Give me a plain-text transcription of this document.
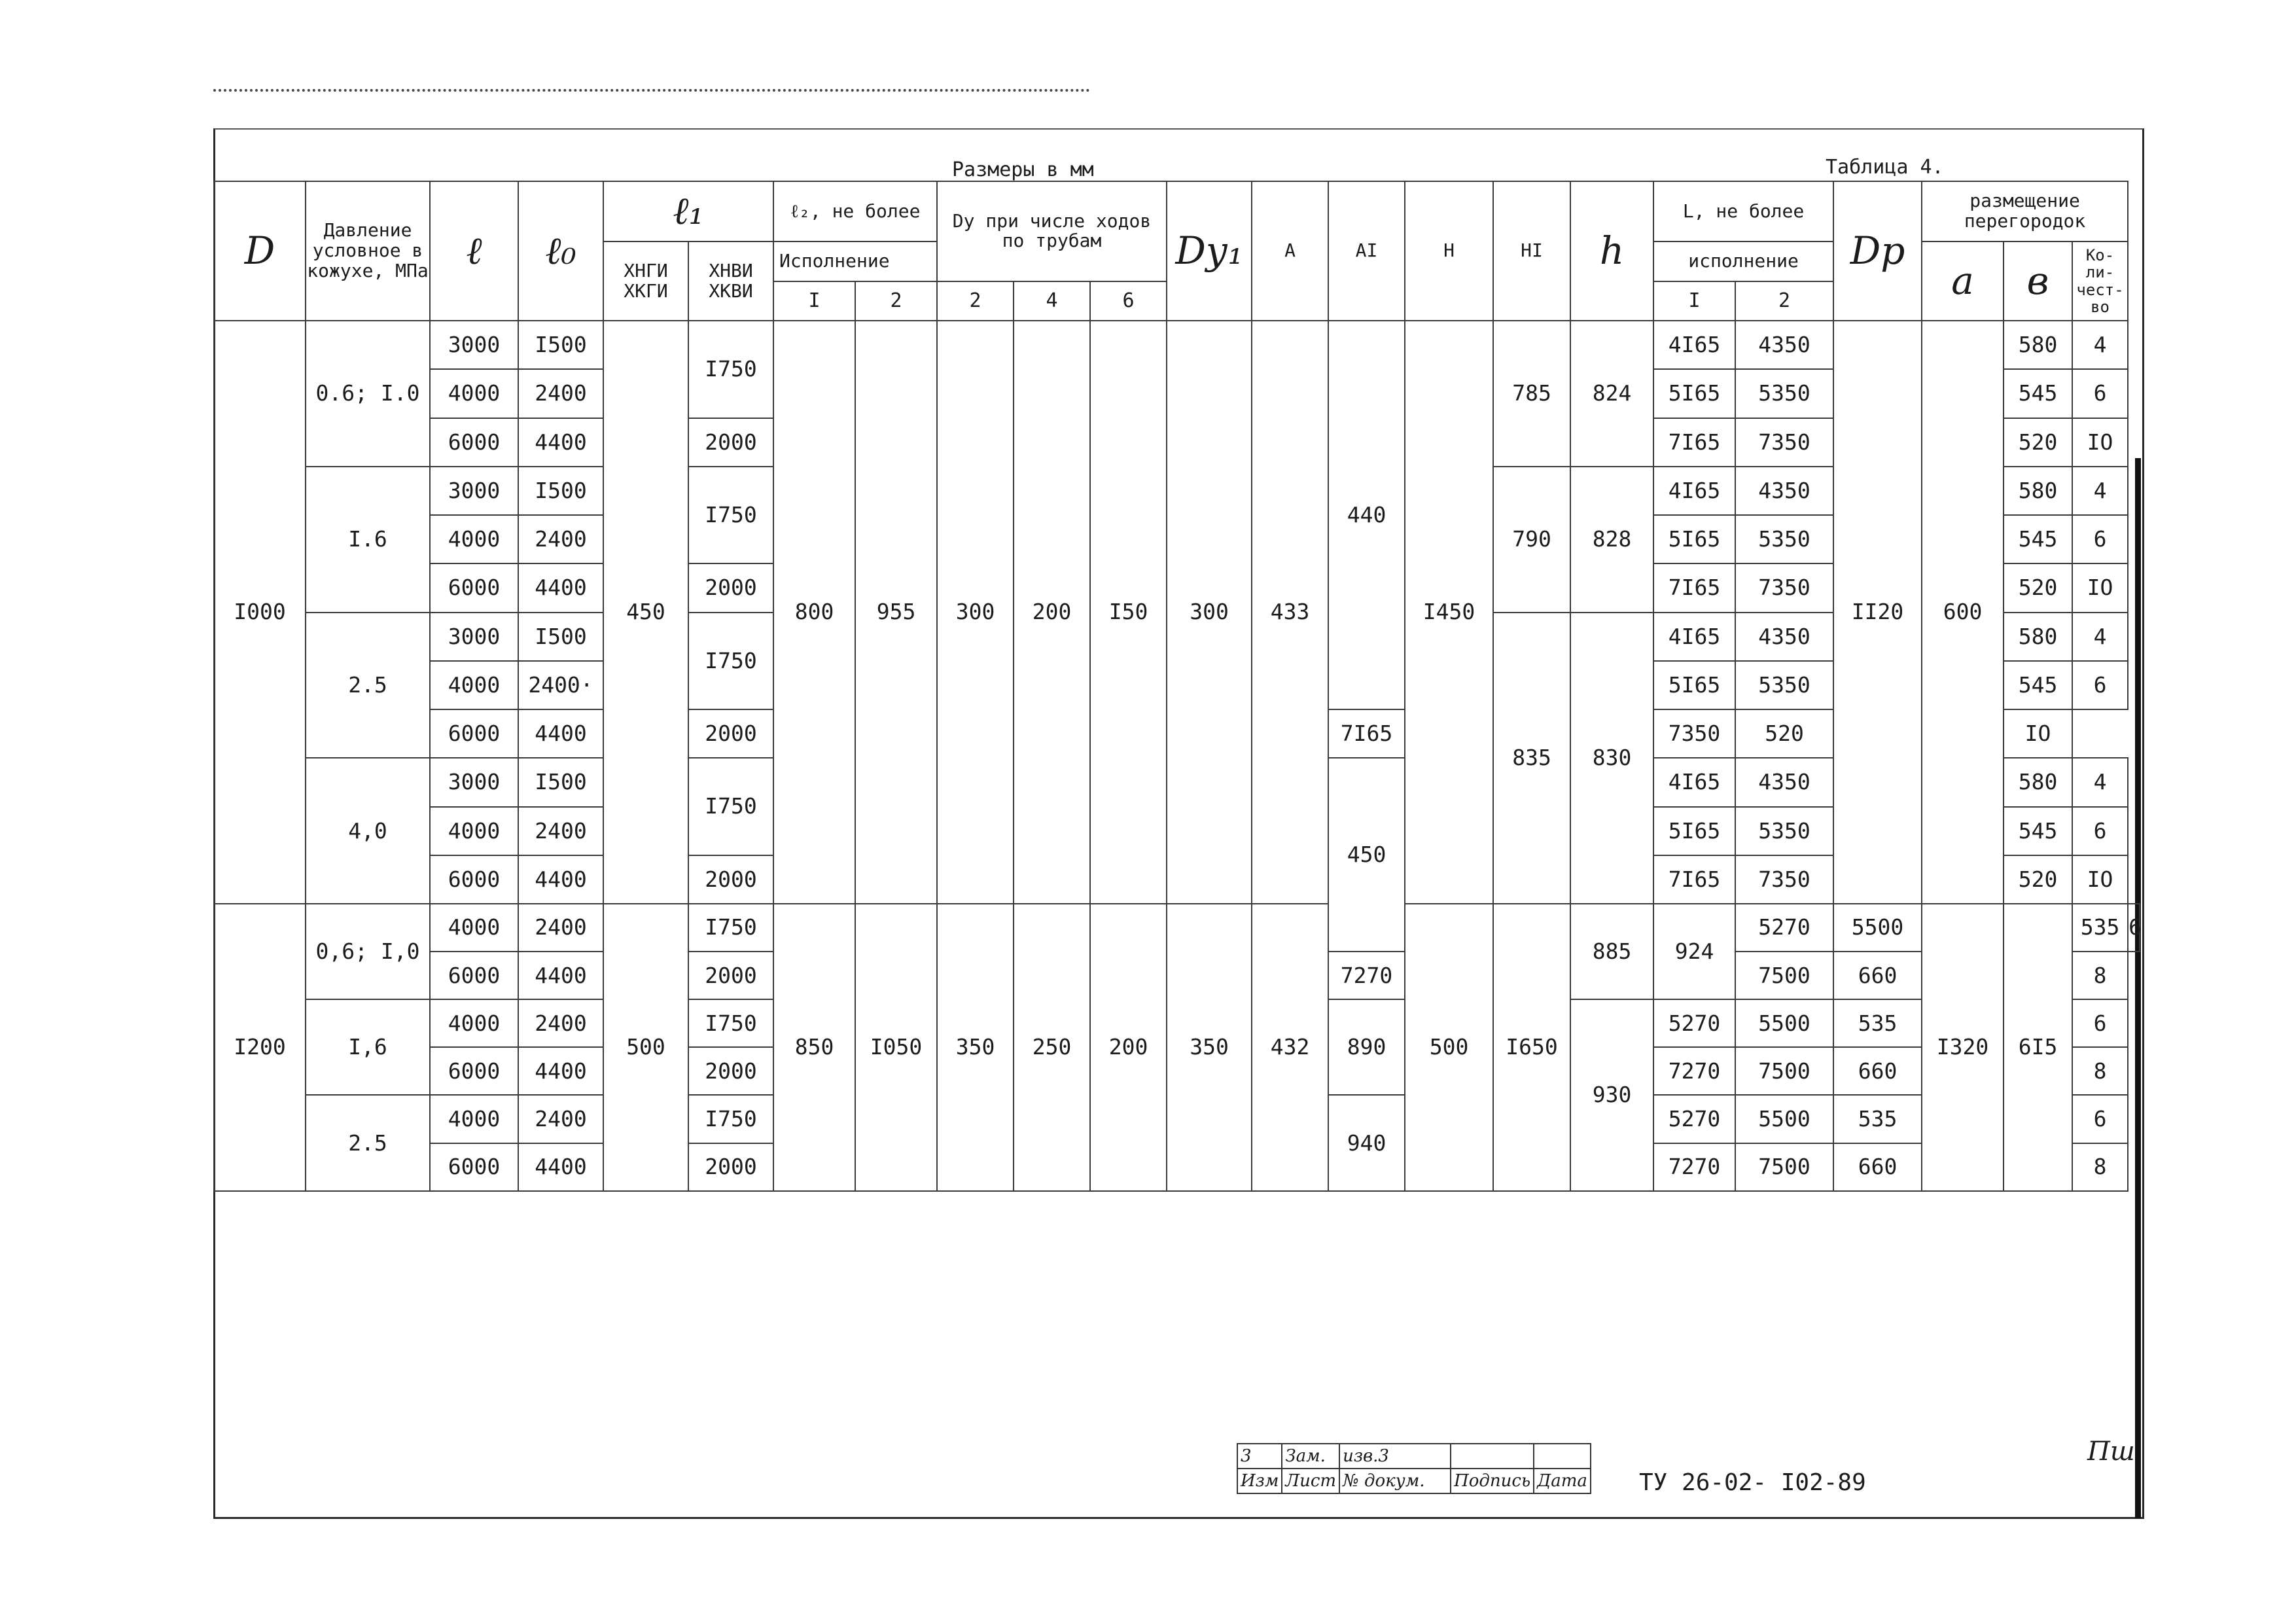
Размеры в мм	Таблица 4.
D	Давление условное в кожухе, МПа	ℓ	ℓ₀	ℓ₁		ℓ₂, не более		Dу при числе ходов по трубам			Dу₁	А	АI	Н	НI	h	L, не более		Dр	размещение перегородок			
				ХНГИ ХКГИ	ХНВИ ХКВИ	Исполнение											исполнение			a	в	Ко-ли-чест-во	
						I	2	2	4	6							I	2					
I000	0.6; I.0	3000	I500	450	I750	800	955	300	200	I50	300	433	440	I450	785	824	4I65	4350	II20	600	580	4	
		4000	2400														5I65	5350			545	6	
		6000	4400		2000												7I65	7350			520	IO	
	I.6	3000	I500		I750										790	828	4I65	4350			580	4	
		4000	2400														5I65	5350			545	6	
		6000	4400		2000												7I65	7350			520	IO	
	2.5	3000	I500		I750										835	830	4I65	4350			580	4	
		4000	2400·														5I65	5350			545	6	
		6000	4400		2000								7I65				7350	520			IO		
	4,0	3000	I500		I750								450				4I65	4350			580	4	
		4000	2400														5I65	5350			545	6	
		6000	4400		2000												7I65	7350			520	IO	
I200	0,6; I,0	4000	2400	500	I750	850	I050	350	250	200	350	432		500	I650	885	924	5270	5500	I320	6I5	535	6
		6000	4400		2000								7270					7500	660			8	
	I,6	4000	2400		I750								890			930	5270	5500	535			6	
		6000	4400		2000												7270	7500	660			8	
	2.5	4000	2400		I750								940				5270	5500	535			6	
		6000	4400		2000												7270	7500	660			8	
3	Зам.	изв.3		
Изм	Лист	№ докум.	Подпись	Дата ТУ 26-02- I02-89
Пш
